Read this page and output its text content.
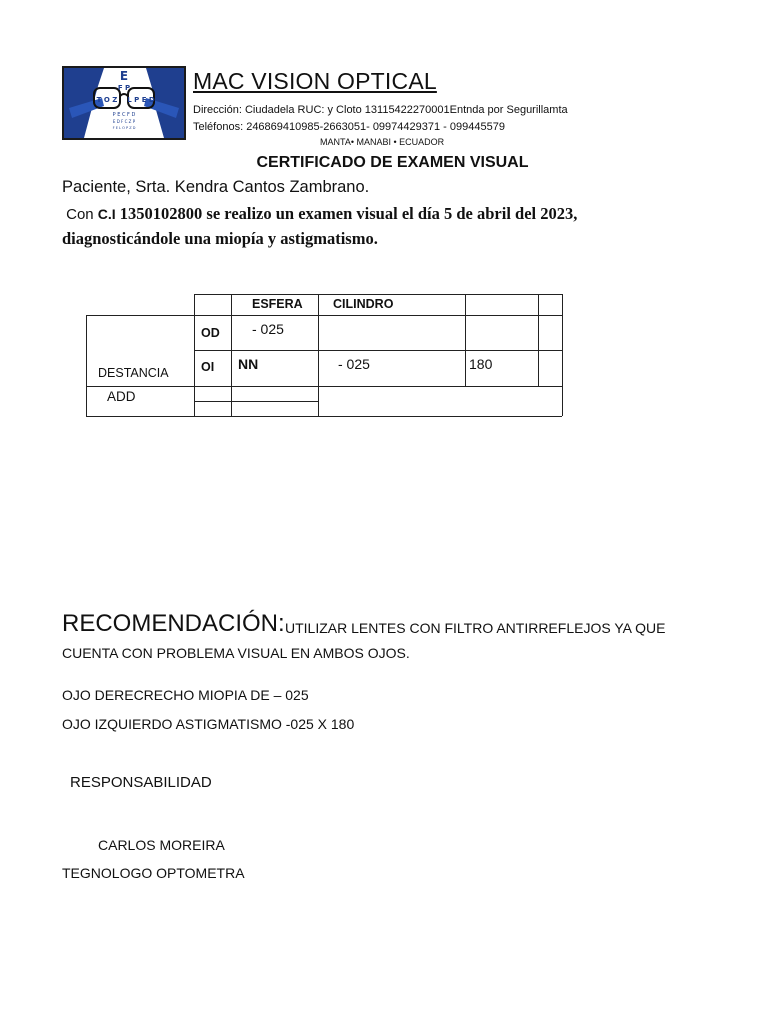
E
F P
T O Z L P E D
P E C F D
E D F C Z P
F E L O P Z D
MAC VISION OPTICAL
Dirección: Ciudadela RUC: y Cloto 13115422270001Entnda por Segurillamta
Teléfonos: 246869410985-2663051- 09974429371 - 099445579
MANTA• MANABI • ECUADOR
CERTIFICADO DE EXAMEN VISUAL
Paciente, Srta. Kendra Cantos Zambrano.
Con C.I 1350102800 se realizo un examen visual el día 5 de abril del 2023,
diagnosticándole una miopía y astigmatismo.
ESFERA CILINDRO
OD
OI
DESTANCIA
ADD
- 025
NN	- 025	180
RECOMENDACIÓN: UTILIZAR LENTES CON FILTRO ANTIRREFLEJOS YA QUE
CUENTA CON PROBLEMA VISUAL EN AMBOS OJOS.
OJO DERECRECHO MIOPIA DE – 025
OJO IZQUIERDO ASTIGMATISMO -025 X 180
RESPONSABILIDAD
CARLOS MOREIRA
TEGNOLOGO OPTOMETRA
